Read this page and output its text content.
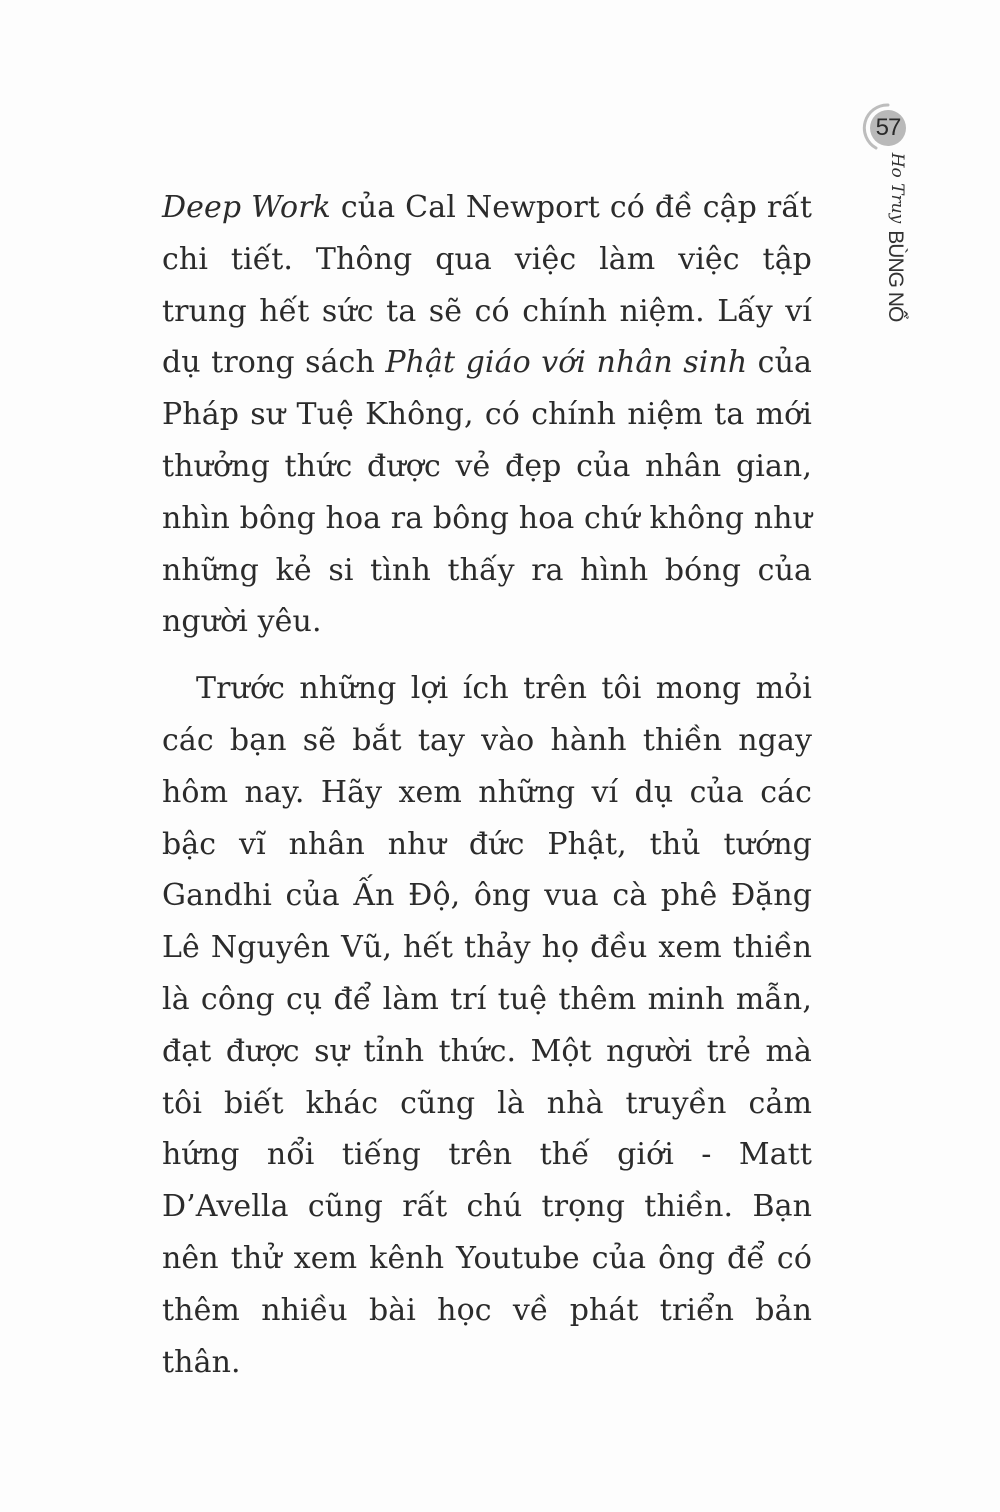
57
Ho Truy BÙNG NỔ

Deep Work của Cal Newport có đề cập rất chi tiết. Thông qua việc làm việc tập trung hết sức ta sẽ có chính niệm. Lấy ví dụ trong sách Phật giáo với nhân sinh của Pháp sư Tuệ Không, có chính niệm ta mới thưởng thức được vẻ đẹp của nhân gian, nhìn bông hoa ra bông hoa chứ không như những kẻ si tình thấy ra hình bóng của người yêu.

Trước những lợi ích trên tôi mong mỏi các bạn sẽ bắt tay vào hành thiền ngay hôm nay. Hãy xem những ví dụ của các bậc vĩ nhân như đức Phật, thủ tướng Gandhi của Ấn Độ, ông vua cà phê Đặng Lê Nguyên Vũ, hết thảy họ đều xem thiền là công cụ để làm trí tuệ thêm minh mẫn, đạt được sự tỉnh thức. Một người trẻ mà tôi biết khác cũng là nhà truyền cảm hứng nổi tiếng trên thế giới - Matt D’Avella cũng rất chú trọng thiền. Bạn nên thử xem kênh Youtube của ông để có thêm nhiều bài học về phát triển bản thân.
